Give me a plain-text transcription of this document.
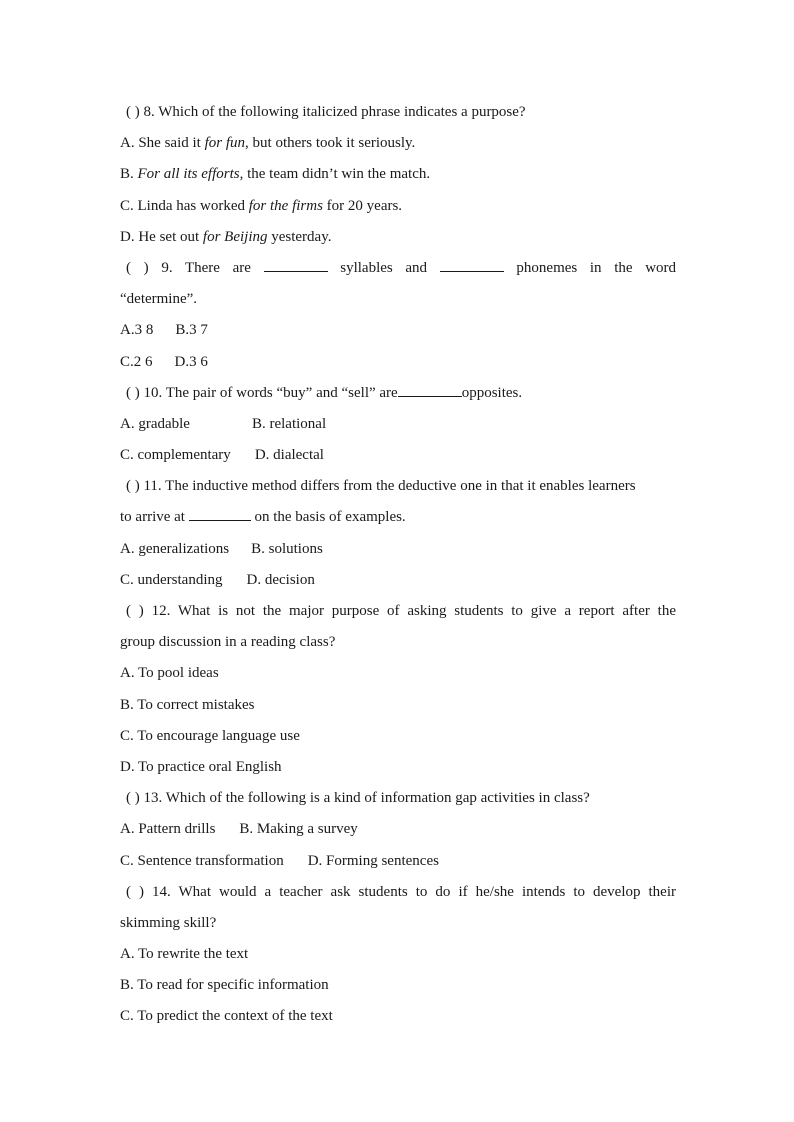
( ) 8. Which of the following italicized phrase indicates a purpose?
A. She said it for fun, but others took it seriously.
B. For all its efforts, the team didn’t win the match.
C. Linda has worked for the firms for 20 years.
D. He set out for Beijing yesterday.
( ) 9. There are	syllables and	phonemes in the word
“determine”.
A.3 8 B.3 7
C.2 6 D.3 6
( ) 10. The pair of words “buy” and “sell” are	opposites.
A. gradable	B. relational
C. complementary D. dialectal
( ) 11. The inductive method differs from the deductive one in that it enables learners
to arrive at	on the basis of examples.
A. generalizations B. solutions
C. understanding D. decision
( ) 12. What is not the major purpose of asking students to give a report after the
group discussion in a reading class?
A. To pool ideas
B. To correct mistakes
C. To encourage language use
D. To practice oral English
( ) 13. Which of the following is a kind of information gap activities in class?
A. Pattern drills B. Making a survey
C. Sentence transformation D. Forming sentences
( ) 14. What would a teacher ask students to do if he/she intends to develop their
skimming skill?
A. To rewrite the text
B. To read for specific information
C. To predict the context of the text
